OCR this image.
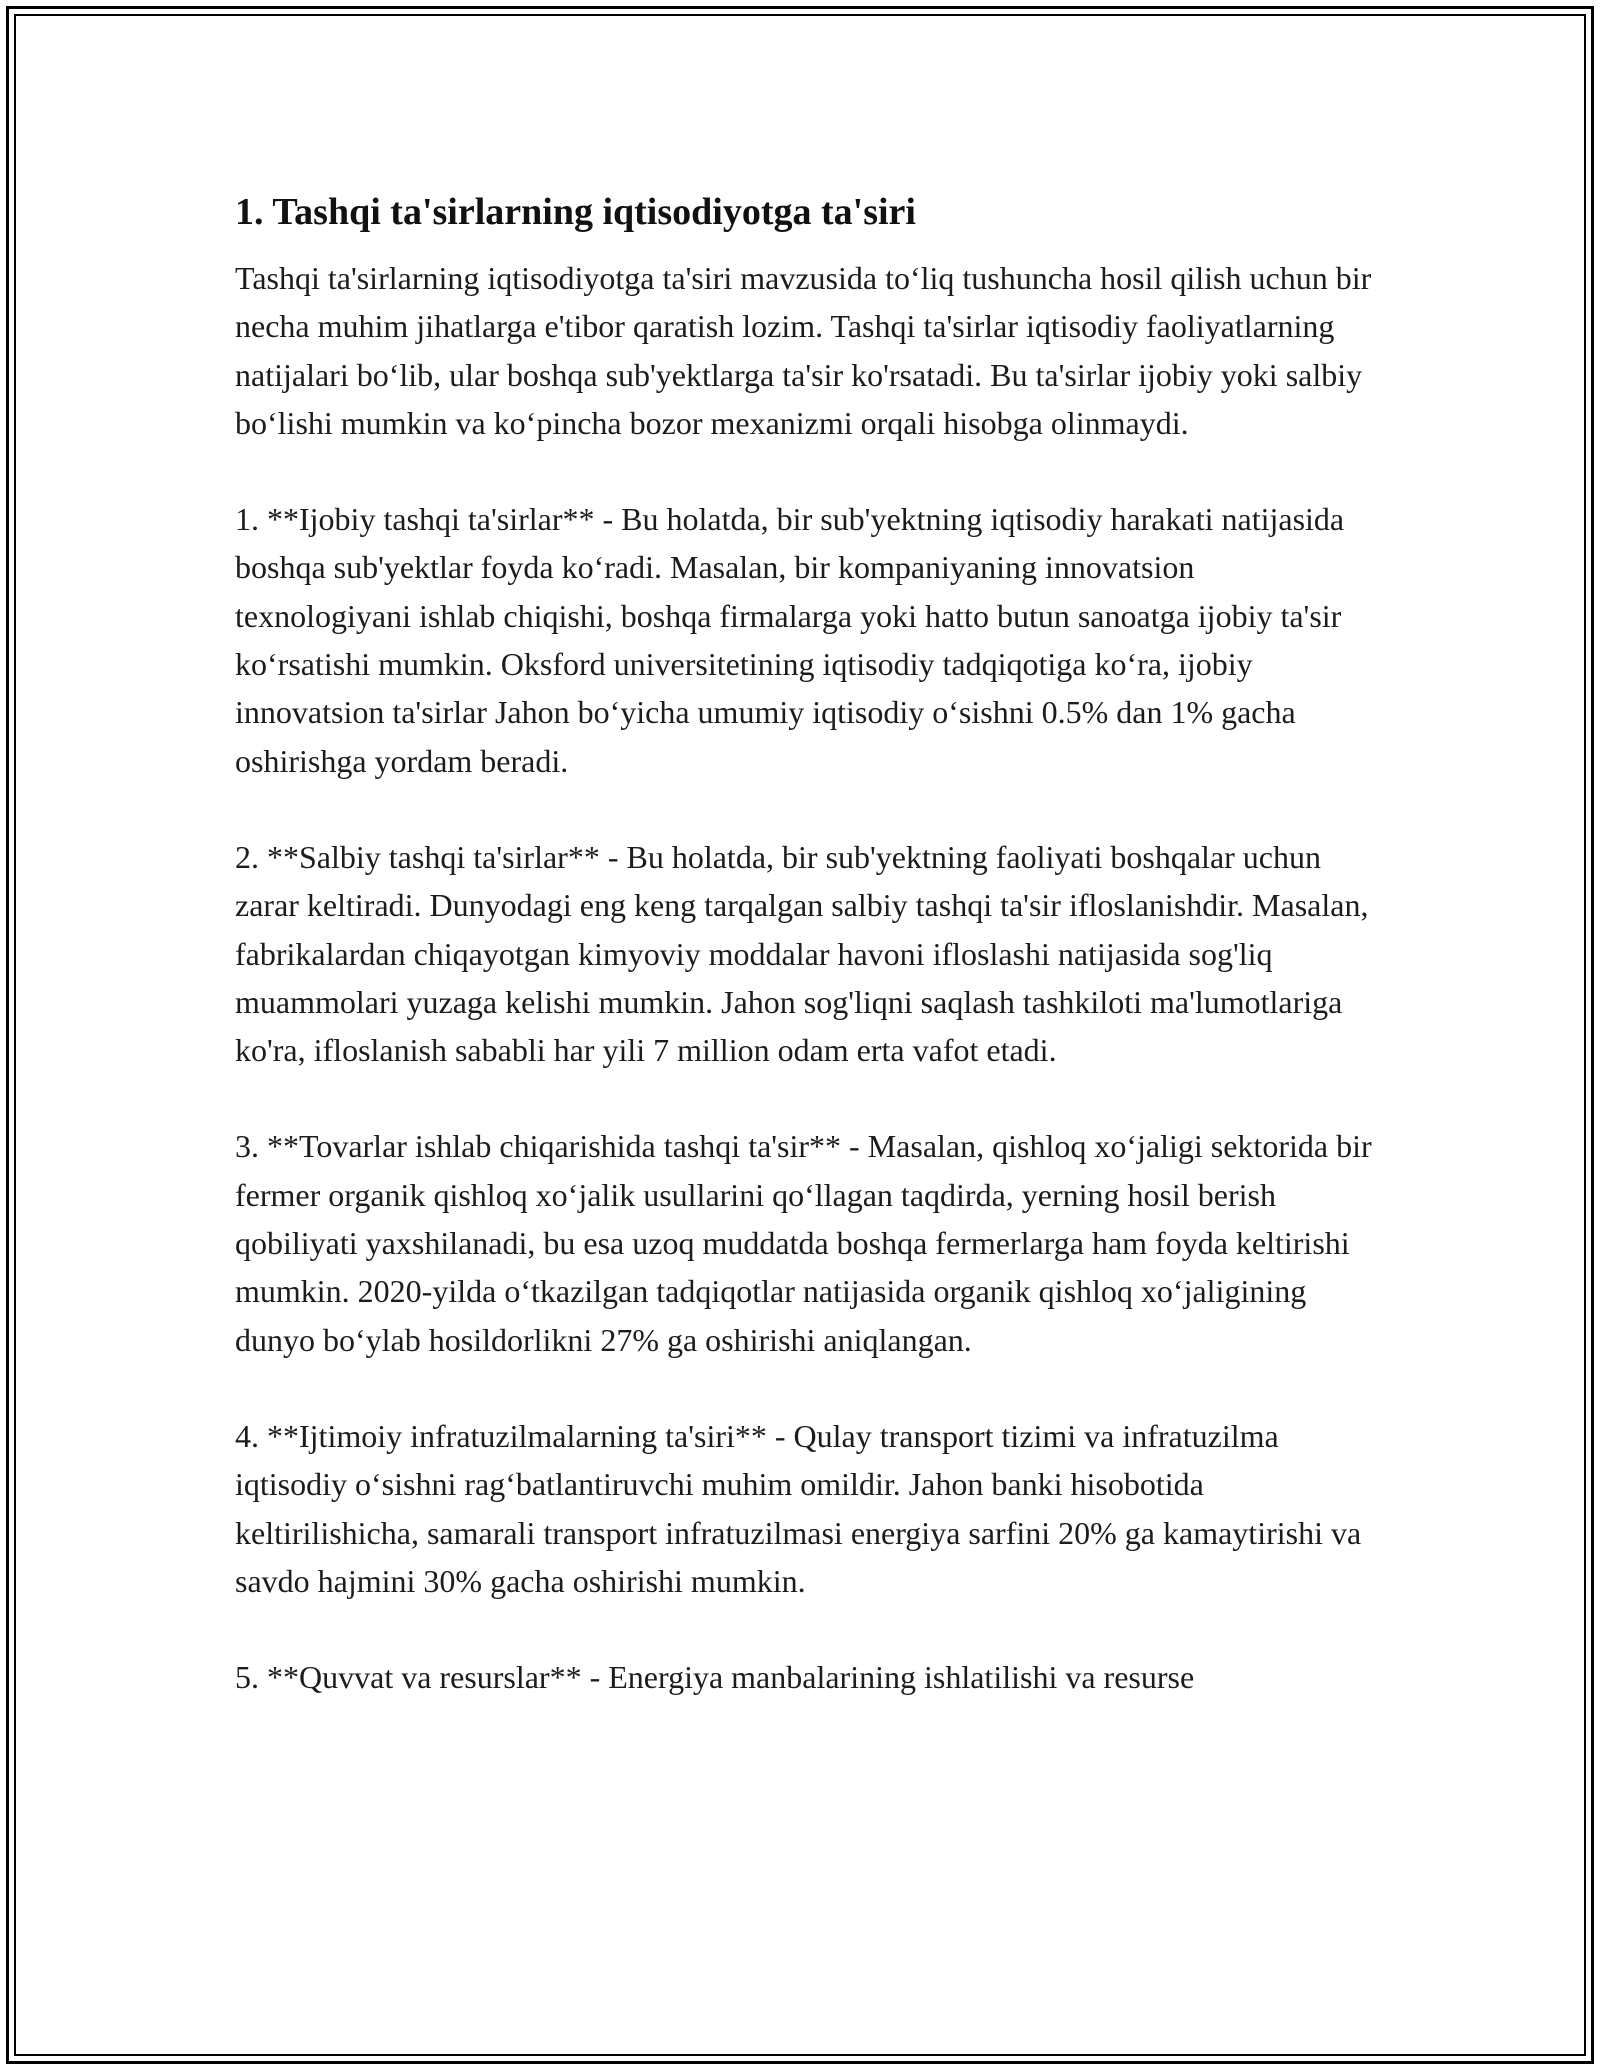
1. Tashqi ta's​irlarning iqtisodiyotga ta's​iri

Tashqi ta'sirlarning iqtisodiyotga ta'siri mavzusida to‘liq tushuncha hosil qilish uchun bir necha muhim jihatlarga e'tibor qaratish lozim. Tashqi ta'sirlar iqtisodiy faoliyatlarning natijalari bo‘lib, ular boshqa sub'yektlarga ta'sir ko'rsatadi. Bu ta'sirlar ijobiy yoki salbiy bo‘lishi mumkin va ko‘pincha bozor mexanizmi orqali hisobga olinmaydi.

1. **Ijobiy tashqi ta'sirlar** - Bu holatda, bir sub'yektning iqtisodiy harakati natijasida boshqa sub'yektlar foyda ko‘radi. Masalan, bir kompaniyaning innovatsion texnologiyani ishlab chiqishi, boshqa firmalarga yoki hatto butun sanoatga ijobiy ta'sir ko‘rsatishi mumkin. Oksford universitetining iqtisodiy tadqiqotiga ko‘ra, ijobiy innovatsion ta'sirlar Jahon bo‘yicha umumiy iqtisodiy o‘sishni 0.5% dan 1% gacha oshirishga yordam beradi.

2. **Salbiy tashqi ta'sirlar** - Bu holatda, bir sub'yektning faoliyati boshqalar uchun zarar keltiradi. Dunyodagi eng keng tarqalgan salbiy tashqi ta'sir ifloslanishdir. Masalan, fabrikalardan chiqayotgan kimyoviy moddalar havoni ifloslashi natijasida sog'liq muammolari yuzaga kelishi mumkin. Jahon sog'liqni saqlash tashkiloti ma'lumotlariga ko'ra, ifloslanish sababli har yili 7 million odam erta vafot etadi.

3. **Tovarlar ishlab chiqarishida tashqi ta'sir** - Masalan, qishloq xo‘jaligi sektorida bir fermer organik qishloq xo‘jalik usullarini qo‘llagan taqdirda, yerning hosil berish qobiliyati yaxshilanadi, bu esa uzoq muddatda boshqa fermerlarga ham foyda keltirishi mumkin. 2020-yilda o‘tkazilgan tadqiqotlar natijasida organik qishloq xo‘jaligining dunyo bo‘ylab hosildorlikni 27% ga oshirishi aniqlangan.

4. **Ijtimoiy infratuzilmalarning ta'siri** - Qulay transport tizimi va infratuzilma iqtisodiy o‘sishni rag‘batlantiruvchi muhim omildir. Jahon banki hisobotida keltirilishicha, samarali transport infratuzilmasi energiya sarfini 20% ga kamaytirishi va savdo hajmini 30% gacha oshirishi mumkin.

5. **Quvvat va resurslar** - Energiya manbalarining ishlatilishi va resurse
